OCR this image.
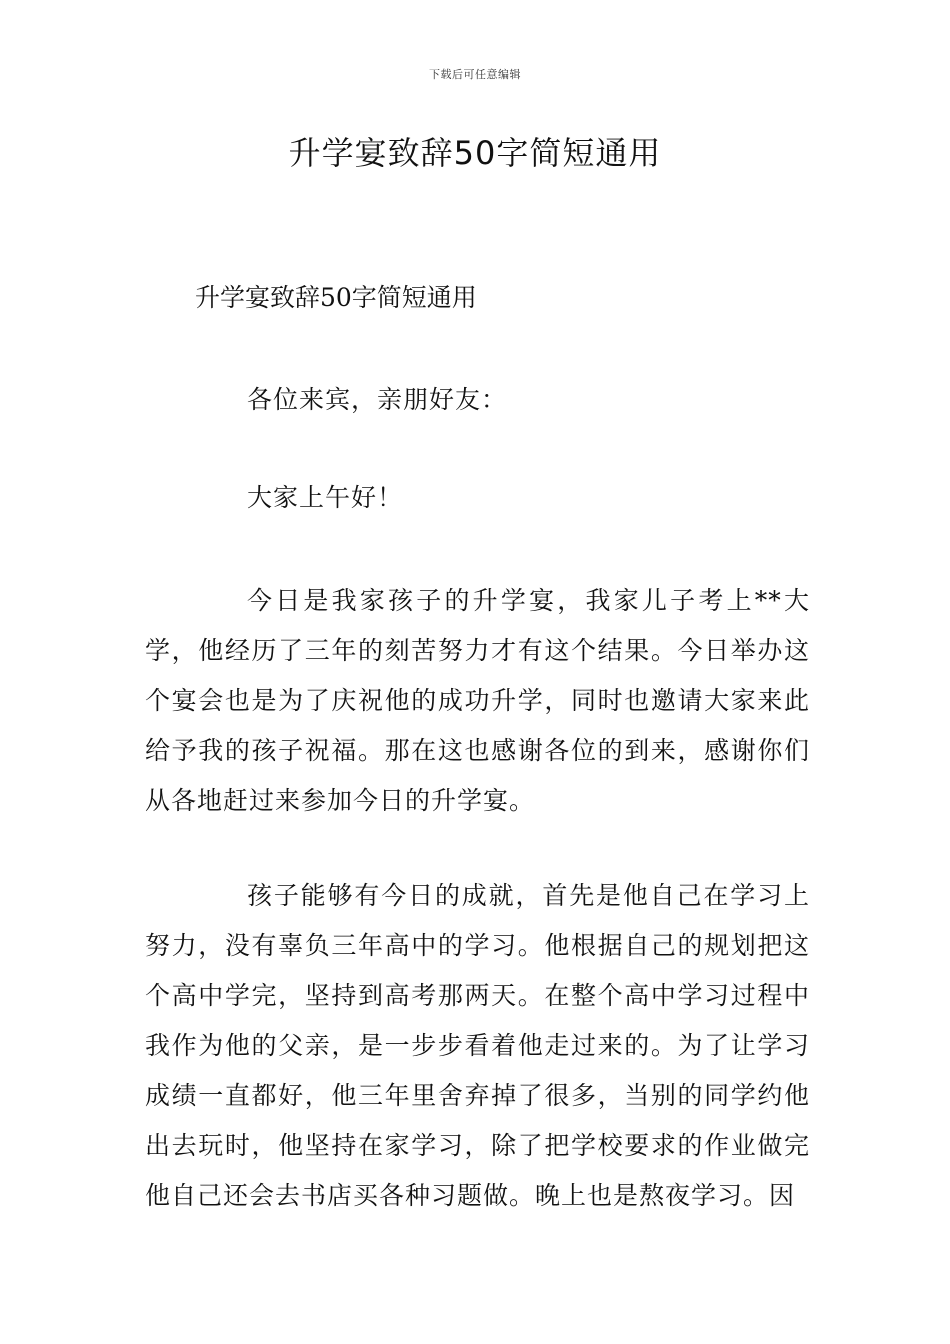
下载后可任意编辑
升学宴致辞50字简短通用

升学宴致辞50字简短通用

各位来宾，亲朋好友：

大家上午好！

今日是我家孩子的升学宴，我家儿子考上**大学，他经历了三年的刻苦努力才有这个结果。今日举办这个宴会也是为了庆祝他的成功升学，同时也邀请大家来此给予我的孩子祝福。那在这也感谢各位的到来，感谢你们从各地赶过来参加今日的升学宴。

孩子能够有今日的成就，首先是他自己在学习上努力，没有辜负三年高中的学习。他根据自己的规划把这个高中学完，坚持到高考那两天。在整个高中学习过程中我作为他的父亲，是一步步看着他走过来的。为了让学习成绩一直都好，他三年里舍弃掉了很多，当别的同学约他出去玩时，他坚持在家学习，除了把学校要求的作业做完他自己还会去书店买各种习题做。晚上也是熬夜学习。因
